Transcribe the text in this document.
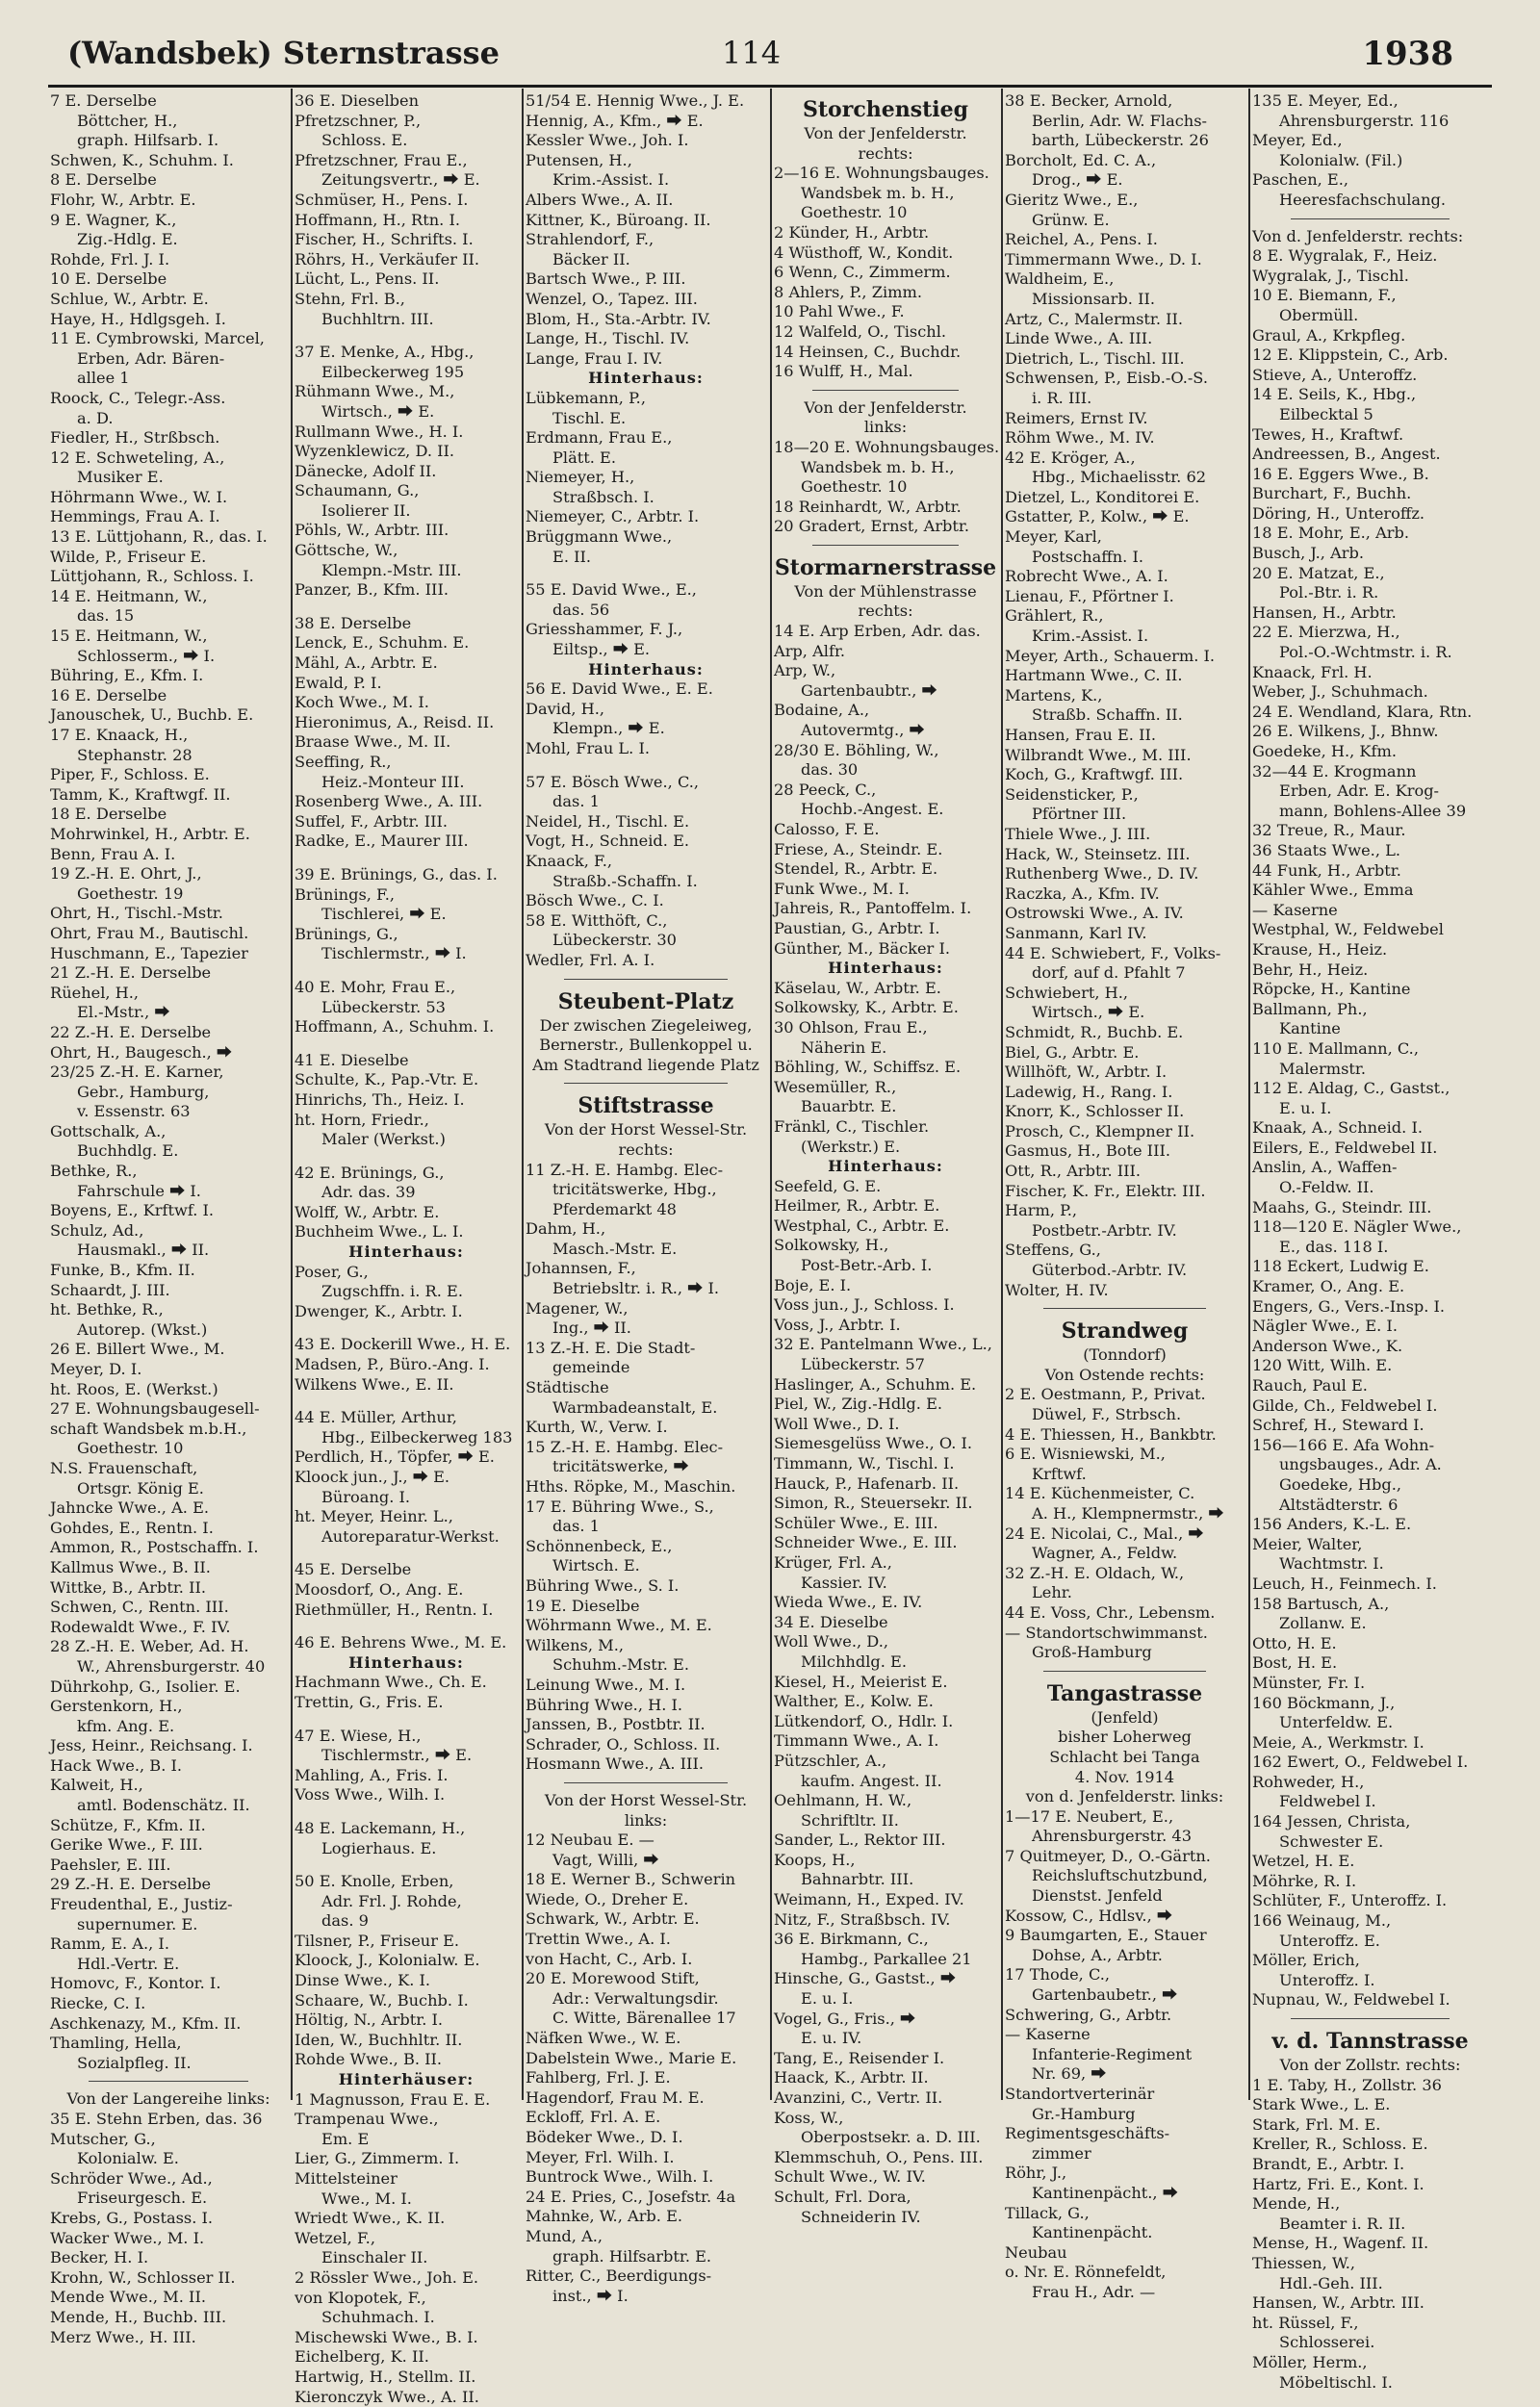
(Wandsbek) Sternstrasse	114	1938
7 E. Derselbe
Böttcher, H.,
graph. Hilfsarb. I.
Schwen, K., Schuhm. I.
8 E. Derselbe
Flohr, W., Arbtr. E.
9 E. Wagner, K.,
Zig.-Hdlg. E.
Rohde, Frl. J. I.
10 E. Derselbe
Schlue, W., Arbtr. E.
Haye, H., Hdlgsgeh. I.
11 E. Cymbrowski, Marcel,
Erben, Adr. Bären-
allee 1
Roock, C., Telegr.-Ass.
a. D.
Fiedler, H., Strßbsch.
12 E. Schweteling, A.,
Musiker E.
Höhrmann Wwe., W. I.
Hemmings, Frau A. I.
13 E. Lüttjohann, R., das. I.
Wilde, P., Friseur E.
Lüttjohann, R., Schloss. I.
14 E. Heitmann, W.,
das. 15
15 E. Heitmann, W.,
Schlosserm., ⮕ I.
Bühring, E., Kfm. I.
16 E. Derselbe
Janouschek, U., Buchb. E.
17 E. Knaack, H.,
Stephanstr. 28
Piper, F., Schloss. E.
Tamm, K., Kraftwgf. II.
18 E. Derselbe
Mohrwinkel, H., Arbtr. E.
Benn, Frau A. I.
19 Z.-H. E. Ohrt, J.,
Goethestr. 19
Ohrt, H., Tischl.-Mstr.
Ohrt, Frau M., Bautischl.
Huschmann, E., Tapezier
21 Z.-H. E. Derselbe
Rüehel, H.,
El.-Mstr., ⮕
22 Z.-H. E. Derselbe
Ohrt, H., Baugesch., ⮕
23/25 Z.-H. E. Karner,
Gebr., Hamburg,
v. Essenstr. 63
Gottschalk, A.,
Buchhdlg. E.
Bethke, R.,
Fahrschule ⮕ I.
Boyens, E., Krftwf. I.
Schulz, Ad.,
Hausmakl., ⮕ II.
Funke, B., Kfm. II.
Schaardt, J. III.
ht. Bethke, R.,
Autorep. (Wkst.)
26 E. Billert Wwe., M.
Meyer, D. I.
ht. Roos, E. (Werkst.)
27 E. Wohnungsbaugesell-
schaft Wandsbek m.b.H.,
Goethestr. 10
N.S. Frauenschaft,
Ortsgr. König E.
Jahncke Wwe., A. E.
Gohdes, E., Rentn. I.
Ammon, R., Postschaffn. I.
Kallmus Wwe., B. II.
Wittke, B., Arbtr. II.
Schwen, C., Rentn. III.
Rodewaldt Wwe., F. IV.
28 Z.-H. E. Weber, Ad. H.
W., Ahrensburgerstr. 40
Dührkohp, G., Isolier. E.
Gerstenkorn, H.,
kfm. Ang. E.
Jess, Heinr., Reichsang. I.
Hack Wwe., B. I.
Kalweit, H.,
amtl. Bodenschätz. II.
Schütze, F., Kfm. II.
Gerike Wwe., F. III.
Paehsler, E. III.
29 Z.-H. E. Derselbe
Freudenthal, E., Justiz-
supernumer. E.
Ramm, E. A., I.
Hdl.-Vertr. E.
Homovc, F., Kontor. I.
Riecke, C. I.
Aschkenazy, M., Kfm. II.
Thamling, Hella,
Sozialpfleg. II.
Von der Langereihe links:
35 E. Stehn Erben, das. 36
Mutscher, G.,
Kolonialw. E.
Schröder Wwe., Ad.,
Friseurgesch. E.
Krebs, G., Postass. I.
Wacker Wwe., M. I.
Becker, H. I.
Krohn, W., Schlosser II.
Mende Wwe., M. II.
Mende, H., Buchb. III.
Merz Wwe., H. III.
36 E. Dieselben
Pfretzschner, P.,
Schloss. E.
Pfretzschner, Frau E.,
Zeitungsvertr., ⮕ E.
Schmüser, H., Pens. I.
Hoffmann, H., Rtn. I.
Fischer, H., Schrifts. I.
Röhrs, H., Verkäufer II.
Lücht, L., Pens. II.
Stehn, Frl. B.,
Buchhltrn. III.
37 E. Menke, A., Hbg.,
Eilbeckerweg 195
Rühmann Wwe., M.,
Wirtsch., ⮕ E.
Rullmann Wwe., H. I.
Wyzenklewicz, D. II.
Dänecke, Adolf II.
Schaumann, G.,
Isolierer II.
Pöhls, W., Arbtr. III.
Göttsche, W.,
Klempn.-Mstr. III.
Panzer, B., Kfm. III.
38 E. Derselbe
Lenck, E., Schuhm. E.
Mähl, A., Arbtr. E.
Ewald, P. I.
Koch Wwe., M. I.
Hieronimus, A., Reisd. II.
Braase Wwe., M. II.
Seeffing, R.,
Heiz.-Monteur III.
Rosenberg Wwe., A. III.
Suffel, F., Arbtr. III.
Radke, E., Maurer III.
39 E. Brünings, G., das. I.
Brünings, F.,
Tischlerei, ⮕ E.
Brünings, G.,
Tischlermstr., ⮕ I.
40 E. Mohr, Frau E.,
Lübeckerstr. 53
Hoffmann, A., Schuhm. I.
41 E. Dieselbe
Schulte, K., Pap.-Vtr. E.
Hinrichs, Th., Heiz. I.
ht. Horn, Friedr.,
Maler (Werkst.)
42 E. Brünings, G.,
Adr. das. 39
Wolff, W., Arbtr. E.
Buchheim Wwe., L. I.
Hinterhaus:
Poser, G.,
Zugschffn. i. R. E.
Dwenger, K., Arbtr. I.
43 E. Dockerill Wwe., H. E.
Madsen, P., Büro.-Ang. I.
Wilkens Wwe., E. II.
44 E. Müller, Arthur,
Hbg., Eilbeckerweg 183
Perdlich, H., Töpfer, ⮕ E.
Kloock jun., J., ⮕ E.
Büroang. I.
ht. Meyer, Heinr. L.,
Autoreparatur-Werkst.
45 E. Derselbe
Moosdorf, O., Ang. E.
Riethmüller, H., Rentn. I.
46 E. Behrens Wwe., M. E.
Hinterhaus:
Hachmann Wwe., Ch. E.
Trettin, G., Fris. E.
47 E. Wiese, H.,
Tischlermstr., ⮕ E.
Mahling, A., Fris. I.
Voss Wwe., Wilh. I.
48 E. Lackemann, H.,
Logierhaus. E.
50 E. Knolle, Erben,
Adr. Frl. J. Rohde,
das. 9
Tilsner, P., Friseur E.
Kloock, J., Kolonialw. E.
Dinse Wwe., K. I.
Schaare, W., Buchb. I.
Höltig, N., Arbtr. I.
Iden, W., Buchhltr. II.
Rohde Wwe., B. II.
Hinterhäuser:
1 Magnusson, Frau E. E.
Trampenau Wwe.,
Em. E
Lier, G., Zimmerm. I.
Mittelsteiner
Wwe., M. I.
Wriedt Wwe., K. II.
Wetzel, F.,
Einschaler II.
2 Rössler Wwe., Joh. E.
von Klopotek, F.,
Schuhmach. I.
Mischewski Wwe., B. I.
Eichelberg, K. II.
Hartwig, H., Stellm. II.
Kieronczyk Wwe., A. II.
51/54 E. Hennig Wwe., J. E.
Hennig, A., Kfm., ⮕ E.
Kessler Wwe., Joh. I.
Putensen, H.,
Krim.-Assist. I.
Albers Wwe., A. II.
Kittner, K., Büroang. II.
Strahlendorf, F.,
Bäcker II.
Bartsch Wwe., P. III.
Wenzel, O., Tapez. III.
Blom, H., Sta.-Arbtr. IV.
Lange, H., Tischl. IV.
Lange, Frau I. IV.
Hinterhaus:
Lübkemann, P.,
Tischl. E.
Erdmann, Frau E.,
Plätt. E.
Niemeyer, H.,
Straßbsch. I.
Niemeyer, C., Arbtr. I.
Brüggmann Wwe.,
E. II.
55 E. David Wwe., E.,
das. 56
Griesshammer, F. J.,
Eiltsp., ⮕ E.
Hinterhaus:
56 E. David Wwe., E. E.
David, H.,
Klempn., ⮕ E.
Mohl, Frau L. I.
57 E. Bösch Wwe., C.,
das. 1
Neidel, H., Tischl. E.
Vogt, H., Schneid. E.
Knaack, F.,
Straßb.-Schaffn. I.
Bösch Wwe., C. I.
58 E. Witthöft, C.,
Lübeckerstr. 30
Wedler, Frl. A. I.
Steubent-Platz
Der zwischen Ziegeleiweg,
Bernerstr., Bullenkoppel u.
Am Stadtrand liegende Platz
Stiftstrasse
Von der Horst Wessel-Str.
rechts:
11 Z.-H. E. Hambg. Elec-
tricitätswerke, Hbg.,
Pferdemarkt 48
Dahm, H.,
Masch.-Mstr. E.
Johannsen, F.,
Betriebsltr. i. R., ⮕ I.
Magener, W.,
Ing., ⮕ II.
13 Z.-H. E. Die Stadt-
gemeinde
Städtische
Warmbadeanstalt, E.
Kurth, W., Verw. I.
15 Z.-H. E. Hambg. Elec-
tricitätswerke, ⮕
Hths. Röpke, M., Maschin.
17 E. Bühring Wwe., S.,
das. 1
Schönnenbeck, E.,
Wirtsch. E.
Bühring Wwe., S. I.
19 E. Dieselbe
Wöhrmann Wwe., M. E.
Wilkens, M.,
Schuhm.-Mstr. E.
Leinung Wwe., M. I.
Bühring Wwe., H. I.
Janssen, B., Postbtr. II.
Schrader, O., Schloss. II.
Hosmann Wwe., A. III.
Von der Horst Wessel-Str.
links:
12 Neubau E. —
Vagt, Willi, ⮕
18 E. Werner B., Schwerin
Wiede, O., Dreher E.
Schwark, W., Arbtr. E.
Trettin Wwe., A. I.
von Hacht, C., Arb. I.
20 E. Morewood Stift,
Adr.: Verwaltungsdir.
C. Witte, Bärenallee 17
Näfken Wwe., W. E.
Dabelstein Wwe., Marie E.
Fahlberg, Frl. J. E.
Hagendorf, Frau M. E.
Eckloff, Frl. A. E.
Bödeker Wwe., D. I.
Meyer, Frl. Wilh. I.
Buntrock Wwe., Wilh. I.
24 E. Pries, C., Josefstr. 4a
Mahnke, W., Arb. E.
Mund, A.,
graph. Hilfsarbtr. E.
Ritter, C., Beerdigungs-
inst., ⮕ I.
Storchenstieg
Von der Jenfelderstr.
rechts:
2—16 E. Wohnungsbauges.
Wandsbek m. b. H.,
Goethestr. 10
2 Künder, H., Arbtr.
4 Wüsthoff, W., Kondit.
6 Wenn, C., Zimmerm.
8 Ahlers, P., Zimm.
10 Pahl Wwe., F.
12 Walfeld, O., Tischl.
14 Heinsen, C., Buchdr.
16 Wulff, H., Mal.
Von der Jenfelderstr.
links:
18—20 E. Wohnungsbauges.
Wandsbek m. b. H.,
Goethestr. 10
18 Reinhardt, W., Arbtr.
20 Gradert, Ernst, Arbtr.
Stormarnerstrasse
Von der Mühlenstrasse
rechts:
14 E. Arp Erben, Adr. das.
Arp, Alfr.
Arp, W.,
Gartenbaubtr., ⮕
Bodaine, A.,
Autovermtg., ⮕
28/30 E. Böhling, W.,
das. 30
28 Peeck, C.,
Hochb.-Angest. E.
Calosso, F. E.
Friese, A., Steindr. E.
Stendel, R., Arbtr. E.
Funk Wwe., M. I.
Jahreis, R., Pantoffelm. I.
Paustian, G., Arbtr. I.
Günther, M., Bäcker I.
Hinterhaus:
Käselau, W., Arbtr. E.
Solkowsky, K., Arbtr. E.
30 Ohlson, Frau E.,
Näherin E.
Böhling, W., Schiffsz. E.
Wesemüller, R.,
Bauarbtr. E.
Fränkl, C., Tischler.
(Werkstr.) E.
Hinterhaus:
Seefeld, G. E.
Heilmer, R., Arbtr. E.
Westphal, C., Arbtr. E.
Solkowsky, H.,
Post-Betr.-Arb. I.
Boje, E. I.
Voss jun., J., Schloss. I.
Voss, J., Arbtr. I.
32 E. Pantelmann Wwe., L.,
Lübeckerstr. 57
Haslinger, A., Schuhm. E.
Piel, W., Zig.-Hdlg. E.
Woll Wwe., D. I.
Siemesgelüss Wwe., O. I.
Timmann, W., Tischl. I.
Hauck, P., Hafenarb. II.
Simon, R., Steuersekr. II.
Schüler Wwe., E. III.
Schneider Wwe., E. III.
Krüger, Frl. A.,
Kassier. IV.
Wieda Wwe., E. IV.
34 E. Dieselbe
Woll Wwe., D.,
Milchhdlg. E.
Kiesel, H., Meierist E.
Walther, E., Kolw. E.
Lütkendorf, O., Hdlr. I.
Timmann Wwe., A. I.
Pützschler, A.,
kaufm. Angest. II.
Oehlmann, H. W.,
Schriftltr. II.
Sander, L., Rektor III.
Koops, H.,
Bahnarbtr. III.
Weimann, H., Exped. IV.
Nitz, F., Straßbsch. IV.
36 E. Birkmann, C.,
Hambg., Parkallee 21
Hinsche, G., Gastst., ⮕
E. u. I.
Vogel, G., Fris., ⮕
E. u. IV.
Tang, E., Reisender I.
Haack, K., Arbtr. II.
Avanzini, C., Vertr. II.
Koss, W.,
Oberpostsekr. a. D. III.
Klemmschuh, O., Pens. III.
Schult Wwe., W. IV.
Schult, Frl. Dora,
Schneiderin IV.
38 E. Becker, Arnold,
Berlin, Adr. W. Flachs-
barth, Lübeckerstr. 26
Borcholt, Ed. C. A.,
Drog., ⮕ E.
Gieritz Wwe., E.,
Grünw. E.
Reichel, A., Pens. I.
Timmermann Wwe., D. I.
Waldheim, E.,
Missionsarb. II.
Artz, C., Malermstr. II.
Linde Wwe., A. III.
Dietrich, L., Tischl. III.
Schwensen, P., Eisb.-O.-S.
i. R. III.
Reimers, Ernst IV.
Röhm Wwe., M. IV.
42 E. Kröger, A.,
Hbg., Michaelisstr. 62
Dietzel, L., Konditorei E.
Gstatter, P., Kolw., ⮕ E.
Meyer, Karl,
Postschaffn. I.
Robrecht Wwe., A. I.
Lienau, F., Pförtner I.
Grählert, R.,
Krim.-Assist. I.
Meyer, Arth., Schauerm. I.
Hartmann Wwe., C. II.
Martens, K.,
Straßb. Schaffn. II.
Hansen, Frau E. II.
Wilbrandt Wwe., M. III.
Koch, G., Kraftwgf. III.
Seidensticker, P.,
Pförtner III.
Thiele Wwe., J. III.
Hack, W., Steinsetz. III.
Ruthenberg Wwe., D. IV.
Raczka, A., Kfm. IV.
Ostrowski Wwe., A. IV.
Sanmann, Karl IV.
44 E. Schwiebert, F., Volks-
dorf, auf d. Pfahlt 7
Schwiebert, H.,
Wirtsch., ⮕ E.
Schmidt, R., Buchb. E.
Biel, G., Arbtr. E.
Willhöft, W., Arbtr. I.
Ladewig, H., Rang. I.
Knorr, K., Schlosser II.
Prosch, C., Klempner II.
Gasmus, H., Bote III.
Ott, R., Arbtr. III.
Fischer, K. Fr., Elektr. III.
Harm, P.,
Postbetr.-Arbtr. IV.
Steffens, G.,
Güterbod.-Arbtr. IV.
Wolter, H. IV.
Strandweg
(Tonndorf)
Von Ostende rechts:
2 E. Oestmann, P., Privat.
Düwel, F., Strbsch.
4 E. Thiessen, H., Bankbtr.
6 E. Wisniewski, M.,
Krftwf.
14 E. Küchenmeister, C.
A. H., Klempnermstr., ⮕
24 E. Nicolai, C., Mal., ⮕
Wagner, A., Feldw.
32 Z.-H. E. Oldach, W.,
Lehr.
44 E. Voss, Chr., Lebensm.
— Standortschwimmanst.
Groß-Hamburg
Tangastrasse
(Jenfeld)
bisher Loherweg
Schlacht bei Tanga
4. Nov. 1914
von d. Jenfelderstr. links:
1—17 E. Neubert, E.,
Ahrensburgerstr. 43
7 Quitmeyer, D., O.-Gärtn.
Reichsluftschutzbund,
Dienstst. Jenfeld
Kossow, C., Hdlsv., ⮕
9 Baumgarten, E., Stauer
Dohse, A., Arbtr.
17 Thode, C.,
Gartenbaubetr., ⮕
Schwering, G., Arbtr.
— Kaserne
Infanterie-Regiment
Nr. 69, ⮕
Standortverterinär
Gr.-Hamburg
Regimentsgeschäfts-
zimmer
Röhr, J.,
Kantinenpächt., ⮕
Tillack, G.,
Kantinenpächt.
Neubau
o. Nr. E. Rönnefeldt,
Frau H., Adr. —
135 E. Meyer, Ed.,
Ahrensburgerstr. 116
Meyer, Ed.,
Kolonialw. (Fil.)
Paschen, E.,
Heeresfachschulang.
Von d. Jenfelderstr. rechts:
8 E. Wygralak, F., Heiz.
Wygralak, J., Tischl.
10 E. Biemann, F.,
Obermüll.
Graul, A., Krkpfleg.
12 E. Klippstein, C., Arb.
Stieve, A., Unteroffz.
14 E. Seils, K., Hbg.,
Eilbecktal 5
Tewes, H., Kraftwf.
Andreessen, B., Angest.
16 E. Eggers Wwe., B.
Burchart, F., Buchh.
Döring, H., Unteroffz.
18 E. Mohr, E., Arb.
Busch, J., Arb.
20 E. Matzat, E.,
Pol.-Btr. i. R.
Hansen, H., Arbtr.
22 E. Mierzwa, H.,
Pol.-O.-Wchtmstr. i. R.
Knaack, Frl. H.
Weber, J., Schuhmach.
24 E. Wendland, Klara, Rtn.
26 E. Wilkens, J., Bhnw.
Goedeke, H., Kfm.
32—44 E. Krogmann
Erben, Adr. E. Krog-
mann, Bohlens-Allee 39
32 Treue, R., Maur.
36 Staats Wwe., L.
44 Funk, H., Arbtr.
Kähler Wwe., Emma
— Kaserne
Westphal, W., Feldwebel
Krause, H., Heiz.
Behr, H., Heiz.
Röpcke, H., Kantine
Ballmann, Ph.,
Kantine
110 E. Mallmann, C.,
Malermstr.
112 E. Aldag, C., Gastst.,
E. u. I.
Knaak, A., Schneid. I.
Eilers, E., Feldwebel II.
Anslin, A., Waffen-
O.-Feldw. II.
Maahs, G., Steindr. III.
118—120 E. Nägler Wwe.,
E., das. 118 I.
118 Eckert, Ludwig E.
Kramer, O., Ang. E.
Engers, G., Vers.-Insp. I.
Nägler Wwe., E. I.
Anderson Wwe., K.
120 Witt, Wilh. E.
Rauch, Paul E.
Gilde, Ch., Feldwebel I.
Schref, H., Steward I.
156—166 E. Afa Wohn-
ungsbauges., Adr. A.
Goedeke, Hbg.,
Altstädterstr. 6
156 Anders, K.-L. E.
Meier, Walter,
Wachtmstr. I.
Leuch, H., Feinmech. I.
158 Bartusch, A.,
Zollanw. E.
Otto, H. E.
Bost, H. E.
Münster, Fr. I.
160 Böckmann, J.,
Unterfeldw. E.
Meie, A., Werkmstr. I.
162 Ewert, O., Feldwebel I.
Rohweder, H.,
Feldwebel I.
164 Jessen, Christa,
Schwester E.
Wetzel, H. E.
Möhrke, R. I.
Schlüter, F., Unteroffz. I.
166 Weinaug, M.,
Unteroffz. E.
Möller, Erich,
Unteroffz. I.
Nupnau, W., Feldwebel I.
v. d. Tannstrasse
Von der Zollstr. rechts:
1 E. Taby, H., Zollstr. 36
Stark Wwe., L. E.
Stark, Frl. M. E.
Kreller, R., Schloss. E.
Brandt, E., Arbtr. I.
Hartz, Fri. E., Kont. I.
Mende, H.,
Beamter i. R. II.
Mense, H., Wagenf. II.
Thiessen, W.,
Hdl.-Geh. III.
Hansen, W., Arbtr. III.
ht. Rüssel, F.,
Schlosserei.
Möller, Herm.,
Möbeltischl. I.
